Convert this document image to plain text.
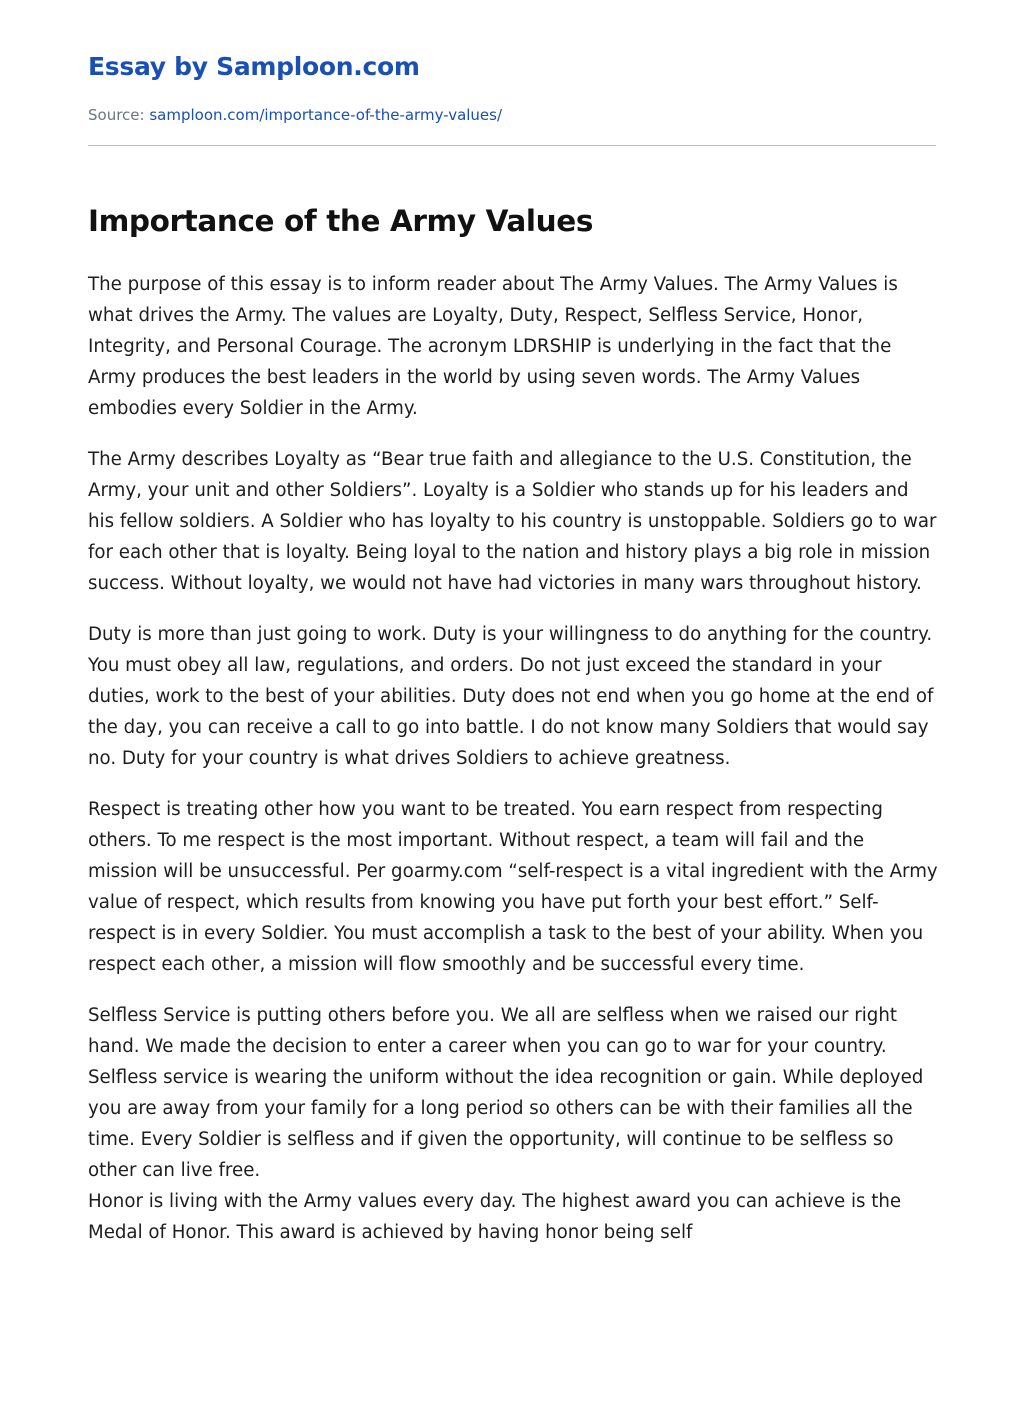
Essay by Samploon.com
Source: samploon.com/importance-of-the-army-values/
Importance of the Army Values

The purpose of this essay is to inform reader about The Army Values. The Army Values is what drives the Army. The values are Loyalty, Duty, Respect, Selfless Service, Honor, Integrity, and Personal Courage. The acronym LDRSHIP is underlying in the fact that the Army produces the best leaders in the world by using seven words. The Army Values embodies every Soldier in the Army.

The Army describes Loyalty as “Bear true faith and allegiance to the U.S. Constitution, the Army, your unit and other Soldiers”. Loyalty is a Soldier who stands up for his leaders and his fellow soldiers. A Soldier who has loyalty to his country is unstoppable. Soldiers go to war for each other that is loyalty. Being loyal to the nation and history plays a big role in mission success. Without loyalty, we would not have had victories in many wars throughout history.

Duty is more than just going to work. Duty is your willingness to do anything for the country. You must obey all law, regulations, and orders. Do not just exceed the standard in your duties, work to the best of your abilities. Duty does not end when you go home at the end of the day, you can receive a call to go into battle. I do not know many Soldiers that would say no. Duty for your country is what drives Soldiers to achieve greatness.

Respect is treating other how you want to be treated. You earn respect from respecting others. To me respect is the most important. Without respect, a team will fail and the mission will be unsuccessful. Per goarmy.com “self-respect is a vital ingredient with the Army value of respect, which results from knowing you have put forth your best effort.” Self-respect is in every Soldier. You must accomplish a task to the best of your ability. When you respect each other, a mission will flow smoothly and be successful every time.

Selfless Service is putting others before you. We all are selfless when we raised our right hand. We made the decision to enter a career when you can go to war for your country. Selfless service is wearing the uniform without the idea recognition or gain. While deployed you are away from your family for a long period so others can be with their families all the time. Every Soldier is selfless and if given the opportunity, will continue to be selfless so other can live free.

Honor is living with the Army values every day. The highest award you can achieve is the Medal of Honor. This award is achieved by having honor being self
